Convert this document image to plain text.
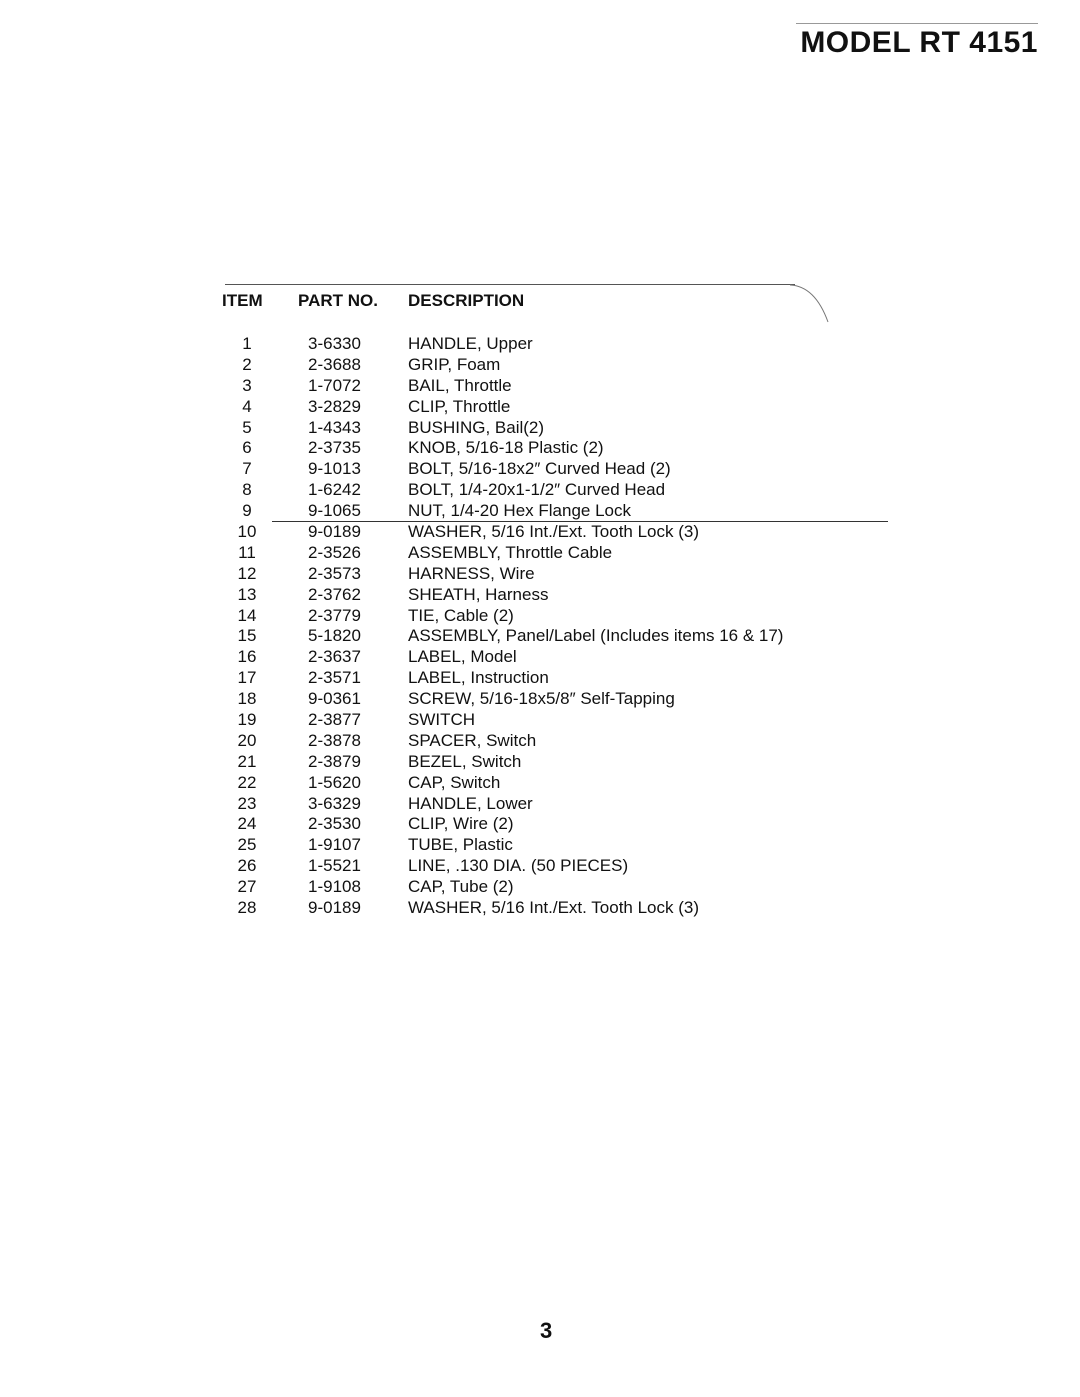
MODEL RT 4151
ITEM	PART NO.	DESCRIPTION
1	3-6330	HANDLE, Upper
2	2-3688	GRIP, Foam
3	1-7072	BAIL, Throttle
4	3-2829	CLIP, Throttle
5	1-4343	BUSHING, Bail(2)
6	2-3735	KNOB, 5/16-18 Plastic (2)
7	9-1013	BOLT, 5/16-18x2″ Curved Head (2)
8	1-6242	BOLT, 1/4-20x1-1/2″ Curved Head
9	9-1065	NUT, 1/4-20 Hex Flange Lock
10	9-0189	WASHER, 5/16 Int./Ext. Tooth Lock (3)
11	2-3526	ASSEMBLY, Throttle Cable
12	2-3573	HARNESS, Wire
13	2-3762	SHEATH, Harness
14	2-3779	TIE, Cable (2)
15	5-1820	ASSEMBLY, Panel/Label (Includes items 16 & 17)
16	2-3637	LABEL, Model
17	2-3571	LABEL, Instruction
18	9-0361	SCREW, 5/16-18x5/8″ Self-Tapping
19	2-3877	SWITCH
20	2-3878	SPACER, Switch
21	2-3879	BEZEL, Switch
22	1-5620	CAP, Switch
23	3-6329	HANDLE, Lower
24	2-3530	CLIP, Wire (2)
25	1-9107	TUBE, Plastic
26	1-5521	LINE, .130 DIA. (50 PIECES)
27	1-9108	CAP, Tube (2)
28	9-0189	WASHER, 5/16 Int./Ext. Tooth Lock (3)
3
